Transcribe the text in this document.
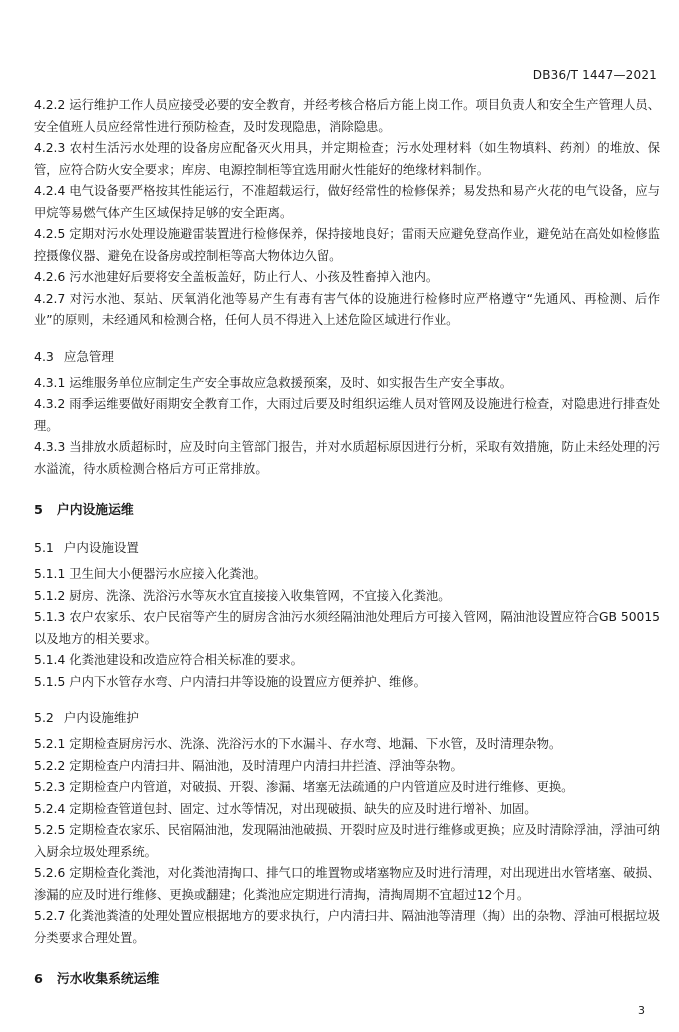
DB36/T 1447—2021

4.2.2 运行维护工作人员应接受必要的安全教育，并经考核合格后方能上岗工作。项目负责人和安全生产管理人员、安全值班人员应经常性进行预防检查，及时发现隐患，消除隐患。

4.2.3 农村生活污水处理的设备房应配备灭火用具，并定期检查；污水处理材料（如生物填料、药剂）的堆放、保管，应符合防火安全要求；库房、电源控制柜等宜选用耐火性能好的绝缘材料制作。

4.2.4 电气设备要严格按其性能运行，不准超载运行，做好经常性的检修保养；易发热和易产火花的电气设备，应与甲烷等易燃气体产生区域保持足够的安全距离。

4.2.5 定期对污水处理设施避雷装置进行检修保养，保持接地良好；雷雨天应避免登高作业，避免站在高处如检修监控摄像仪器、避免在设备房或控制柜等高大物体边久留。

4.2.6 污水池建好后要将安全盖板盖好，防止行人、小孩及牲畜掉入池内。

4.2.7 对污水池、泵站、厌氧消化池等易产生有毒有害气体的设施进行检修时应严格遵守“先通风、再检测、后作业”的原则，未经通风和检测合格，任何人员不得进入上述危险区域进行作业。

4.3 应急管理

4.3.1 运维服务单位应制定生产安全事故应急救援预案，及时、如实报告生产安全事故。

4.3.2 雨季运维要做好雨期安全教育工作，大雨过后要及时组织运维人员对管网及设施进行检查，对隐患进行排查处理。

4.3.3 当排放水质超标时，应及时向主管部门报告，并对水质超标原因进行分析，采取有效措施，防止未经处理的污水溢流，待水质检测合格后方可正常排放。

5 户内设施运维
5.1 户内设施设置

5.1.1 卫生间大小便器污水应接入化粪池。

5.1.2 厨房、洗涤、洗浴污水等灰水宜直接接入收集管网，不宜接入化粪池。

5.1.3 农户农家乐、农户民宿等产生的厨房含油污水须经隔油池处理后方可接入管网，隔油池设置应符合GB 50015以及地方的相关要求。

5.1.4 化粪池建设和改造应符合相关标准的要求。

5.1.5 户内下水管存水弯、户内清扫井等设施的设置应方便养护、维修。

5.2 户内设施维护

5.2.1 定期检查厨房污水、洗涤、洗浴污水的下水漏斗、存水弯、地漏、下水管，及时清理杂物。

5.2.2 定期检查户内清扫井、隔油池，及时清理户内清扫井拦渣、浮油等杂物。

5.2.3 定期检查户内管道，对破损、开裂、渗漏、堵塞无法疏通的户内管道应及时进行维修、更换。

5.2.4 定期检查管道包封、固定、过水等情况，对出现破损、缺失的应及时进行增补、加固。

5.2.5 定期检查农家乐、民宿隔油池，发现隔油池破损、开裂时应及时进行维修或更换；应及时清除浮油，浮油可纳入厨余垃圾处理系统。

5.2.6 定期检查化粪池，对化粪池清掏口、排气口的堆置物或堵塞物应及时进行清理，对出现进出水管堵塞、破损、渗漏的应及时进行维修、更换或翻建；化粪池应定期进行清掏，清掏周期不宜超过12个月。

5.2.7 化粪池粪渣的处理处置应根据地方的要求执行，户内清扫井、隔油池等清理（掏）出的杂物、浮油可根据垃圾分类要求合理处置。

6 污水收集系统运维
3
